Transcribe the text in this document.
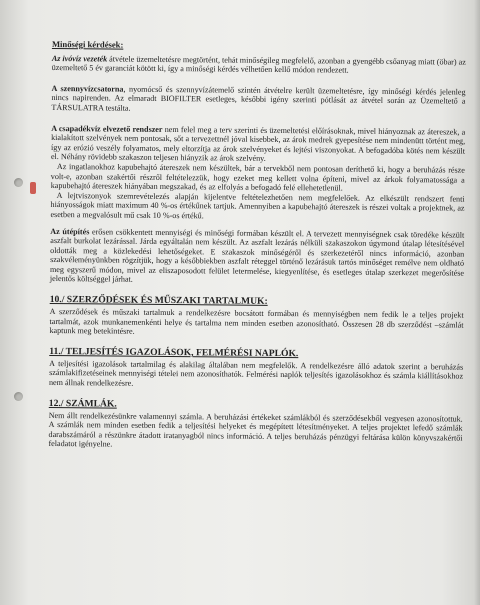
Minőségi kérdések:

Az ivóvíz vezeték átvétele üzemeltetésre megtörtént, tehát minőségileg megfelelő, azonban a gyengébb csőanyag miatt (öbar) az üzemeltető 5 év garanciát kötött ki, így a minőségi kérdés vélhetően kellő módon rendezett.

A szennyvízcsatorna, nyomócső és szennyvízátemelő szintén átvételre került üzemeltetésre, így minőségi kérdés jelenleg nincs napirenden. Az elmaradt BIOFILTER esetleges, későbbi igény szerinti pótlását az átvétel során az Üzemeltető a TÁRSULATRA testálta.

A csapadékvíz elvezető rendszer nem felel meg a terv szerinti és üzemeltetési előírásoknak, mivel hiányoznak az átereszek, a kialakított szelvények nem pontosak, sőt a tervezettnél jóval kisebbek, az árok medrek gyepesítése nem mindenütt történt meg, így az erózió veszély folyamatos, mely eltorzítja az árok szelvényeket és lejtési viszonyokat. A befogadóba kötés nem készült el. Néhány rövidebb szakaszon teljesen hiányzik az árok szelvény.

Az ingatlanokhoz kapubehajtó átereszek nem készültek, bár a tervekből nem pontosan deríthető ki, hogy a beruházás része volt-e, azonban szakértői részről feltételezzük, hogy ezeket meg kellett volna építeni, mivel az árkok folyamatossága a kapubehajtó átereszek hiányában megszakad, és az elfolyás a befogadó felé ellehetetlenül.

A lejtviszonyok szemrevételezés alapján kijelentve feltételezhetően nem megfelelőek. Az elkészült rendszert fenti hiányosságok miatt maximum 40 %-os értékűnek tartjuk. Amennyiben a kapubehajtó átereszek is részei voltak a projektnek, az esetben a megvalósult mű csak 10 %-os értékű.

Az útépítés erősen csökkentett mennyiségi és minőségi formában készült el. A tervezett mennyiségnek csak töredéke készült aszfalt burkolat lezárással. Járda egyáltalán nem készült. Az aszfalt lezárás nélküli szakaszokon úgymond útalap létesítésével oldották meg a közlekedési lehetőségeket. E szakaszok minőségéről és szerkezetéről nincs információ, azonban szakvéleményünkben rögzítjük, hogy a későbbiekben aszfalt réteggel történő lezárásuk tartós minőséget remélve nem oldható meg egyszerű módon, mivel az eliszaposodott felület letermelése, kiegyenlítése, és esetleges útalap szerkezet megerősítése jelentős költséggel járhat.

10./ SZERZŐDÉSEK ÉS MŰSZAKI TARTALMUK:

A szerződések és műszaki tartalmuk a rendelkezésre bocsátott formában és mennyiségben nem fedik le a teljes projekt tartalmát, azok munkanemenkénti helye és tartalma nem minden esetben azonosítható. Összesen 28 db szerződést –számlát kaptunk meg betekintésre.

11./ TELJESÍTÉS IGAZOLÁSOK, FELMÉRÉSI NAPLÓK.

A teljesítési igazolások tartalmilag és alakilag általában nem megfelelők. A rendelkezésre álló adatok szerint a beruházás számlakifizetéseinek mennyiségi tételei nem azonosíthatók. Felmérési naplók teljesítés igazolásokhoz és számla kiállításokhoz nem állnak rendelkezésre.

12./ SZÁMLÁK.

Nem állt rendelkezésünkre valamennyi számla. A beruházási értékeket számlákból és szerződésekből vegyesen azonosítottuk. A számlák nem minden esetben fedik a teljesítési helyeket és megépített létesítményeket. A teljes projektet lefedő számlák darabszámáról a részünkre átadott iratanyagból nincs információ. A teljes beruházás pénzügyi feltárása külön könyvszakértői feladatot igényelne.
